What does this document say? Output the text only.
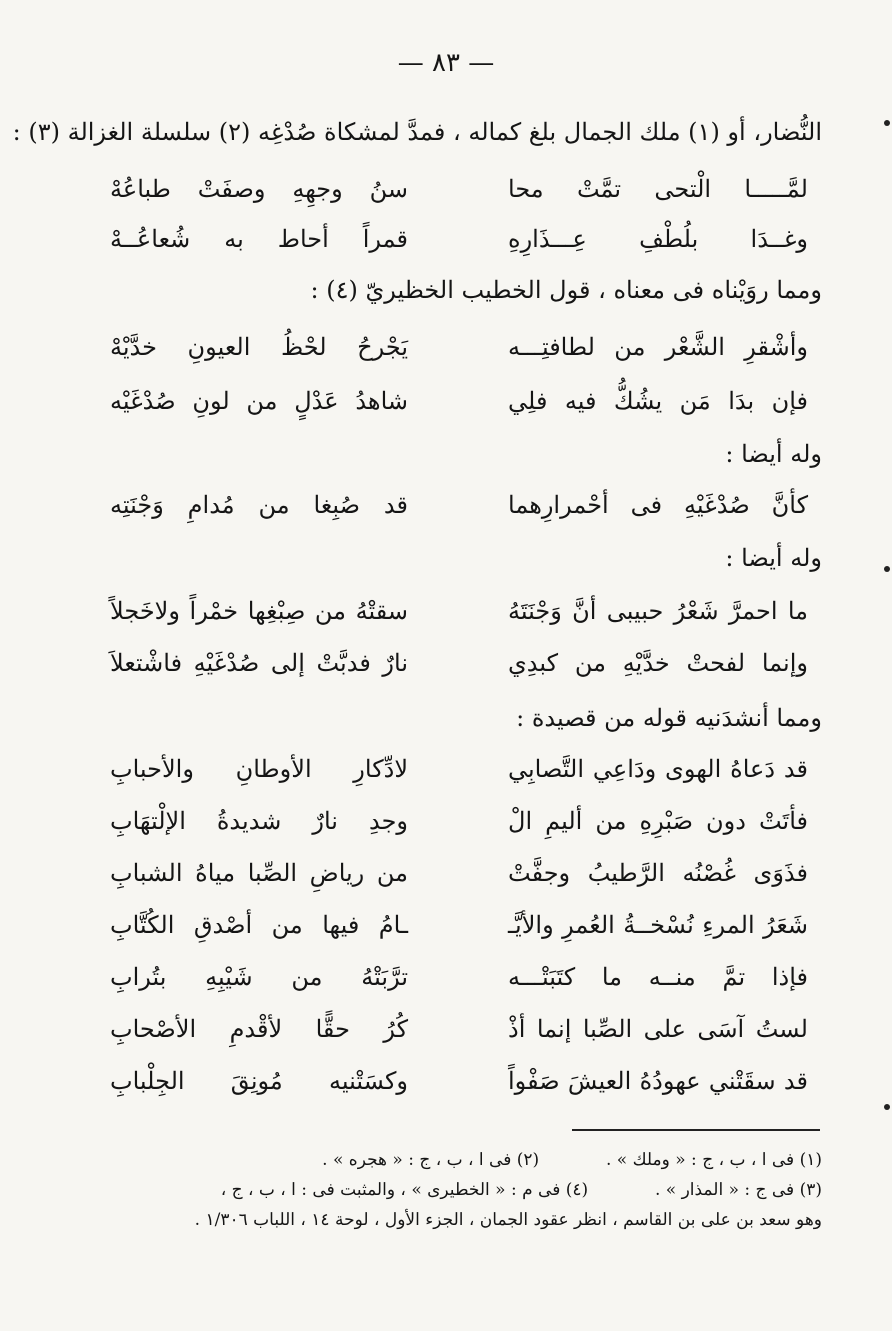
— ٨٣ —
النُّضار، أو (١) ملك الجمال بلغ كماله ، فمدَّ لمشكاة صُدْغِه (٢) سلسلة الغزالة (٣) :
لمَّـــــا الْتحى تمَّتْ محا
سنُ وجهِهِ وصفَتْ طباعُهْ
وغــدَا بلُطْفِ عِـــذَارِهِ
قمراً أحاط به شُعاعُــهْ
ومما روَيْناه فى معناه ، قول الخطيب الخظيريّ (٤) :
وأشْقرِ الشَّعْر من لطافتِـــه
يَجْرحُ لحْظُ العيونِ خدَّيْهْ
فإن بدَا مَن يشُكُّ فيه فلِي
شاهدُ عَدْلٍ من لونِ صُدْغَيْه
وله أيضا :
كأنَّ صُدْغَيْهِ فى أحْمرارِهما
قد صُبِغا من مُدامِ وَجْنَتِه
وله أيضا :
ما احمرَّ شَعْرُ حبيبى أنَّ وَجْنَتَهُ
سقتْهُ من صِبْغِها خمْراً ولاخَجلاً
وإنما لفحتْ خدَّيْهِ من كبدِي
نارٌ فدبَّتْ إلى صُدْغَيْهِ فاشْتعلاَ
ومما أنشدَنيه قوله من قصيدة :
قد دَعاهُ الهوى ودَاعِي التَّصابِي
لادِّكارِ الأوطانِ والأحبابِ
فأتَتْ دون صَبْرِهِ من أليمِ الْ
وجدِ نارٌ شديدةُ الإلْتهَابِ
فذَوَى غُصْنُه الرَّطيبُ وجفَّتْ
من رياضِ الصِّبا مياهُ الشبابِ
شَعَرُ المرءِ نُسْخــةُ العُمرِ والأيَّـ
ـامُ فيها من أصْدقِ الكُتَّابِ
فإذا تمَّ منــه ما كتَبَتْـــه
ترَّبَتْهُ من شَيْبِهِ بتُرابِ
لستُ آسَى على الصِّبا إنما أذْ
كُرُ حقًّا لأقْدمِ الأصْحابِ
قد سقَتْني عهودُهُ العيشَ صَفْواً
وكسَتْنيه مُونِقَ الجِلْبابِ
(١) فى ا ، ب ، ج : « وملك » .  (٢) فى ا ، ب ، ج : « هجره » .
(٣) فى ج : « المذار » .  (٤) فى م : « الخطيرى » ، والمثبت فى : ا ، ب ، ج ،
وهو سعد بن على بن القاسم ، انظر عقود الجمان ، الجزء الأول ، لوحة ١٤ ، اللباب ١/٣٠٦ .
